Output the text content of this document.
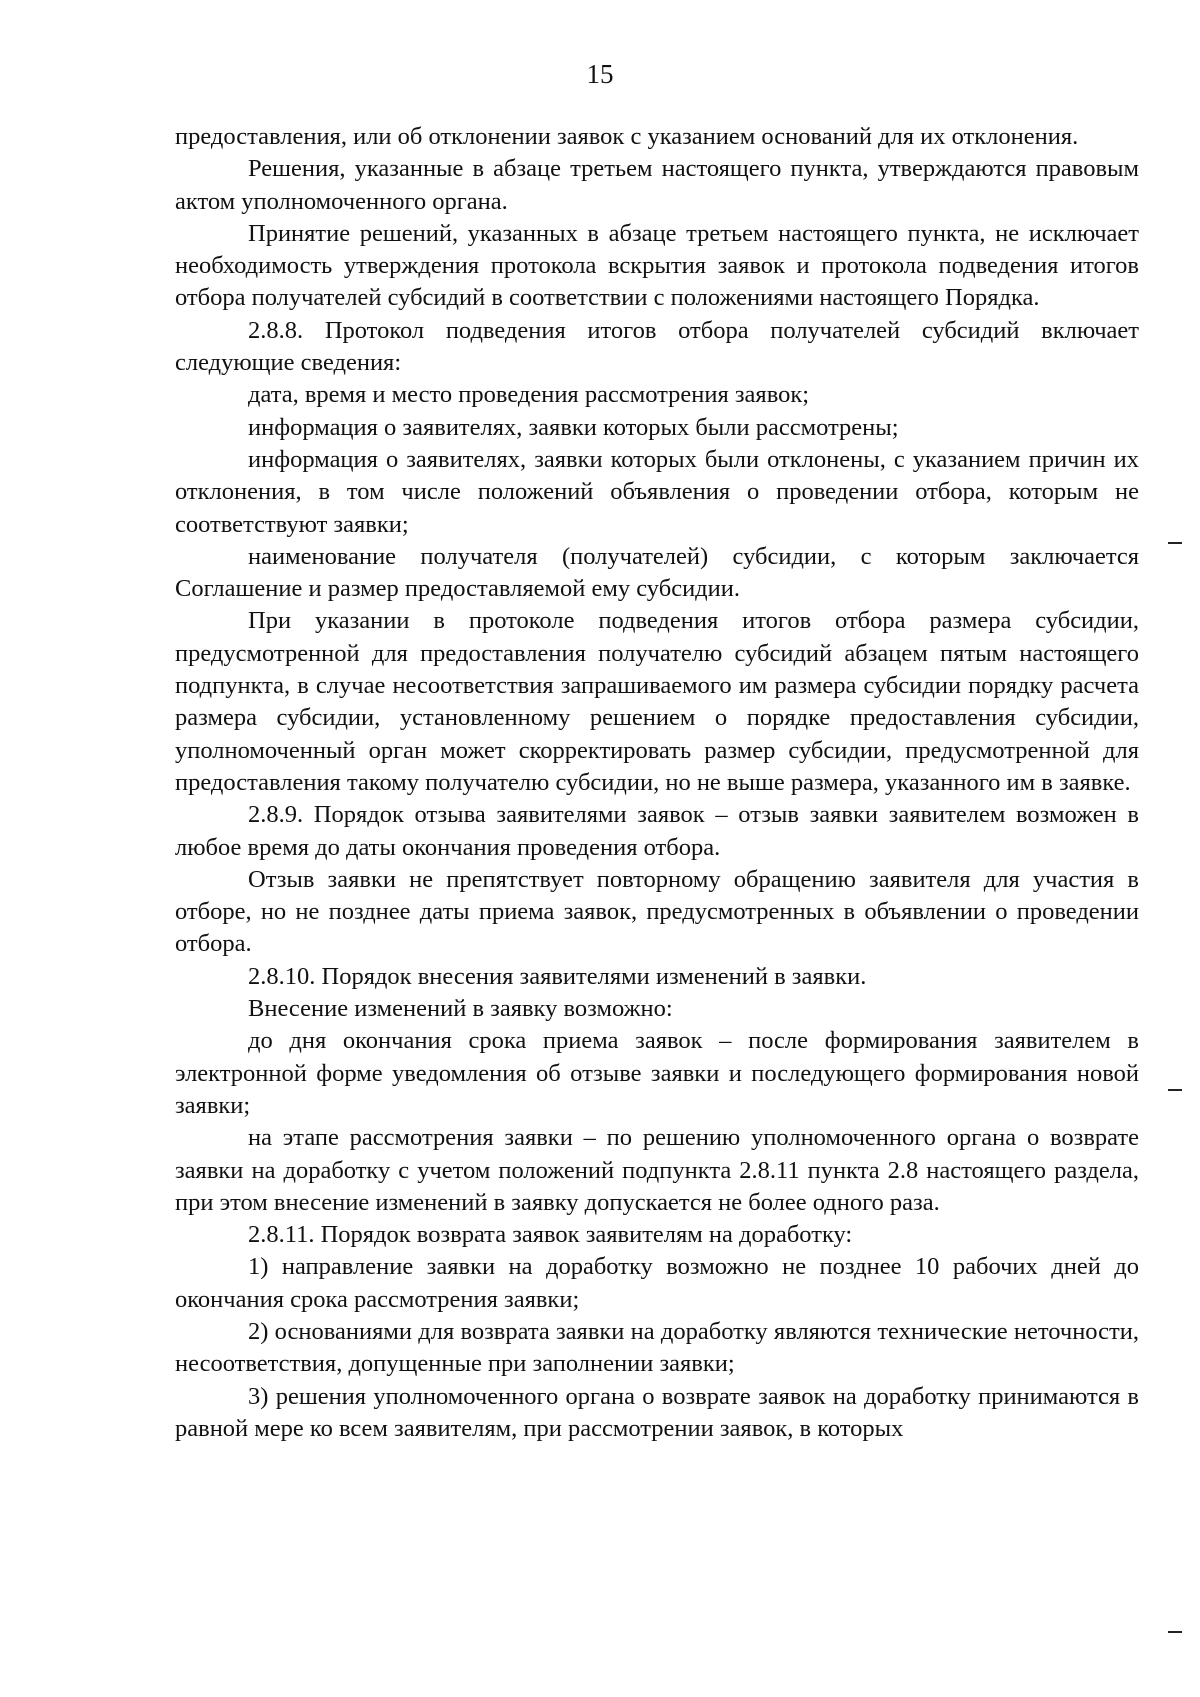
15

предоставления, или об отклонении заявок с указанием оснований для их отклонения.

Решения, указанные в абзаце третьем настоящего пункта, утверждаются правовым актом уполномоченного органа.

Принятие решений, указанных в абзаце третьем настоящего пункта, не исключает необходимость утверждения протокола вскрытия заявок и протокола подведения итогов отбора получателей субсидий в соответствии с положениями настоящего Порядка.

2.8.8. Протокол подведения итогов отбора получателей субсидий включает следующие сведения:

дата, время и место проведения рассмотрения заявок;

информация о заявителях, заявки которых были рассмотрены;

информация о заявителях, заявки которых были отклонены, с указанием причин их отклонения, в том числе положений объявления о проведении отбора, которым не соответствуют заявки;

наименование получателя (получателей) субсидии, с которым заключается Соглашение и размер предоставляемой ему субсидии.

При указании в протоколе подведения итогов отбора размера субсидии, предусмотренной для предоставления получателю субсидий абзацем пятым настоящего подпункта, в случае несоответствия запрашиваемого им размера субсидии порядку расчета размера субсидии, установленному решением о порядке предоставления субсидии, уполномоченный орган может скорректировать размер субсидии, предусмотренной для предоставления такому получателю субсидии, но не выше размера, указанного им в заявке.

2.8.9. Порядок отзыва заявителями заявок – отзыв заявки заявителем возможен в любое время до даты окончания проведения отбора.

Отзыв заявки не препятствует повторному обращению заявителя для участия в отборе, но не позднее даты приема заявок, предусмотренных в объявлении о проведении отбора.

2.8.10. Порядок внесения заявителями изменений в заявки.

Внесение изменений в заявку возможно:

до дня окончания срока приема заявок – после формирования заявителем в электронной форме уведомления об отзыве заявки и последующего формирования новой заявки;

на этапе рассмотрения заявки – по решению уполномоченного органа о возврате заявки на доработку с учетом положений подпункта 2.8.11 пункта 2.8 настоящего раздела, при этом внесение изменений в заявку допускается не более одного раза.

2.8.11. Порядок возврата заявок заявителям на доработку:

1) направление заявки на доработку возможно не позднее 10 рабочих дней до окончания срока рассмотрения заявки;

2) основаниями для возврата заявки на доработку являются технические неточности, несоответствия, допущенные при заполнении заявки;

3) решения уполномоченного органа о возврате заявок на доработку принимаются в равной мере ко всем заявителям, при рассмотрении заявок, в которых
